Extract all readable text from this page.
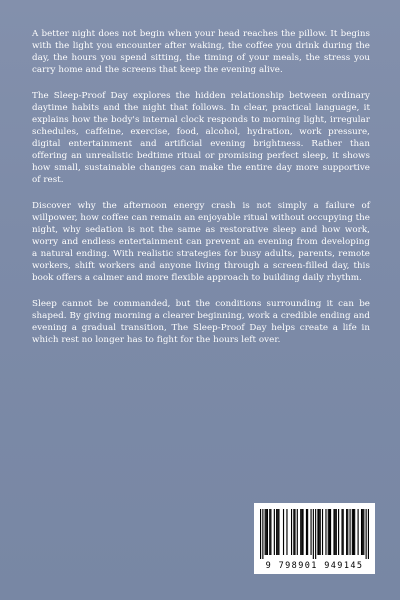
A better night does not begin when your head reaches the pillow. It begins with the light you encounter after waking, the coffee you drink during the day, the hours you spend sitting, the timing of your meals, the stress you carry home and the screens that keep the evening alive.

The Sleep-Proof Day explores the hidden relationship between ordinary daytime habits and the night that follows. In clear, practical language, it explains how the body's internal clock responds to morning light, irregular schedules, caffeine, exercise, food, alcohol, hydration, work pressure, digital entertainment and artificial evening brightness. Rather than offering an unrealistic bedtime ritual or promising perfect sleep, it shows how small, sustainable changes can make the entire day more supportive of rest.

Discover why the afternoon energy crash is not simply a failure of willpower, how coffee can remain an enjoyable ritual without occupying the night, why sedation is not the same as restorative sleep and how work, worry and endless entertainment can prevent an evening from developing a natural ending. With realistic strategies for busy adults, parents, remote workers, shift workers and anyone living through a screen-filled day, this book offers a calmer and more flexible approach to building daily rhythm.

Sleep cannot be commanded, but the conditions surrounding it can be shaped. By giving morning a clearer beginning, work a credible ending and evening a gradual transition, The Sleep-Proof Day helps create a life in which rest no longer has to fight for the hours left over.

9 798901 949145
